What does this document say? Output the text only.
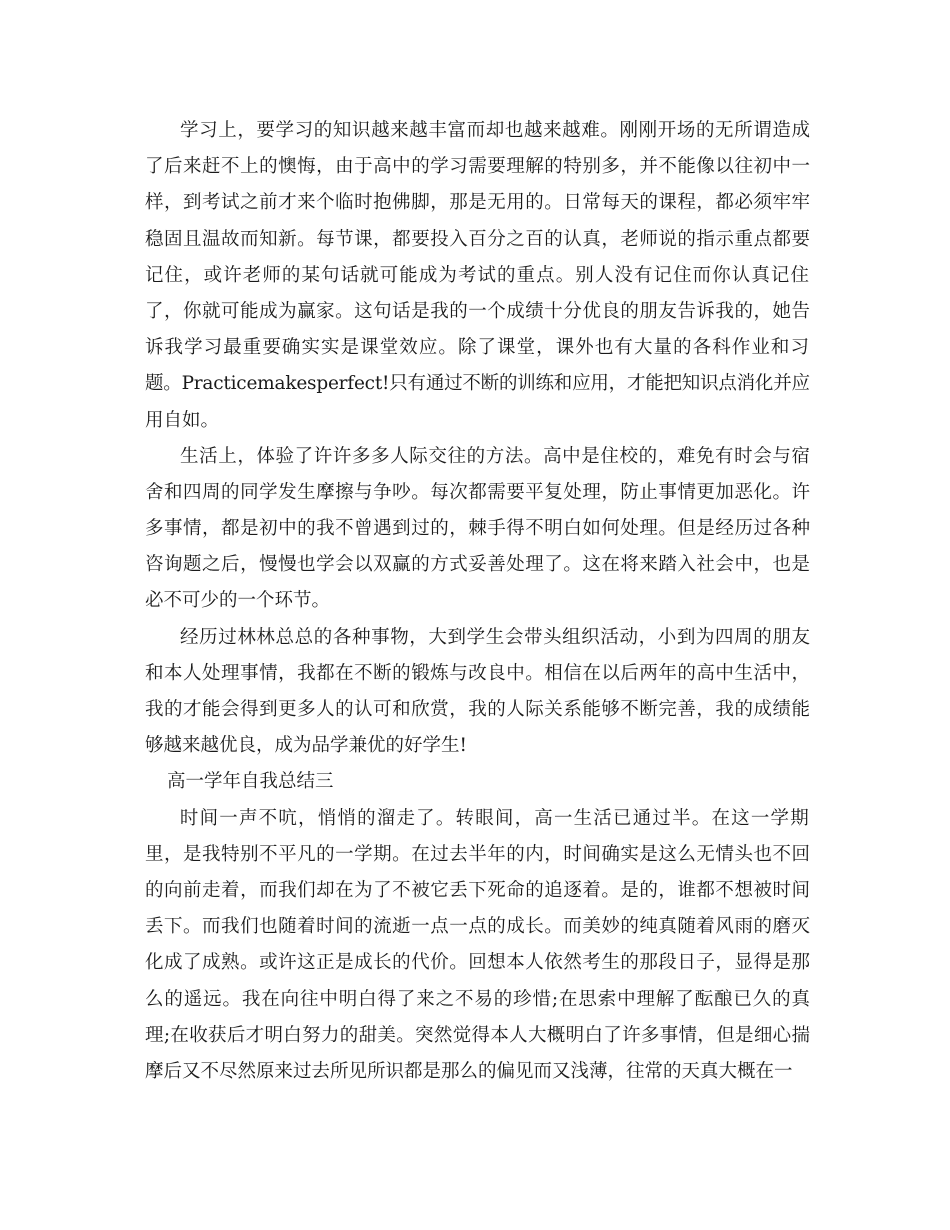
学习上，要学习的知识越来越丰富而却也越来越难。刚刚开场的无所谓造成
了后来赶不上的懊悔，由于高中的学习需要理解的特别多，并不能像以往初中一
样，到考试之前才来个临时抱佛脚，那是无用的。日常每天的课程，都必须牢牢
稳固且温故而知新。每节课，都要投入百分之百的认真，老师说的指示重点都要
记住，或许老师的某句话就可能成为考试的重点。别人没有记住而你认真记住
了，你就可能成为赢家。这句话是我的一个成绩十分优良的朋友告诉我的，她告
诉我学习最重要确实实是课堂效应。除了课堂，课外也有大量的各科作业和习
题。Practicemakesperfect!只有通过不断的训练和应用，才能把知识点消化并应
用自如。
生活上，体验了许许多多人际交往的方法。高中是住校的，难免有时会与宿
舍和四周的同学发生摩擦与争吵。每次都需要平复处理，防止事情更加恶化。许
多事情，都是初中的我不曾遇到过的，棘手得不明白如何处理。但是经历过各种
咨询题之后，慢慢也学会以双赢的方式妥善处理了。这在将来踏入社会中，也是
必不可少的一个环节。
经历过林林总总的各种事物，大到学生会带头组织活动，小到为四周的朋友
和本人处理事情，我都在不断的锻炼与改良中。相信在以后两年的高中生活中，
我的才能会得到更多人的认可和欣赏，我的人际关系能够不断完善，我的成绩能
够越来越优良，成为品学兼优的好学生!
高一学年自我总结三
时间一声不吭，悄悄的溜走了。转眼间，高一生活已通过半。在这一学期
里，是我特别不平凡的一学期。在过去半年的内，时间确实是这么无情头也不回
的向前走着，而我们却在为了不被它丢下死命的追逐着。是的，谁都不想被时间
丢下。而我们也随着时间的流逝一点一点的成长。而美妙的纯真随着风雨的磨灭
化成了成熟。或许这正是成长的代价。回想本人依然考生的那段日子，显得是那
么的遥远。我在向往中明白得了来之不易的珍惜;在思索中理解了酝酿已久的真
理;在收获后才明白努力的甜美。突然觉得本人大概明白了许多事情，但是细心揣
摩后又不尽然原来过去所见所识都是那么的偏见而又浅薄，往常的天真大概在一
